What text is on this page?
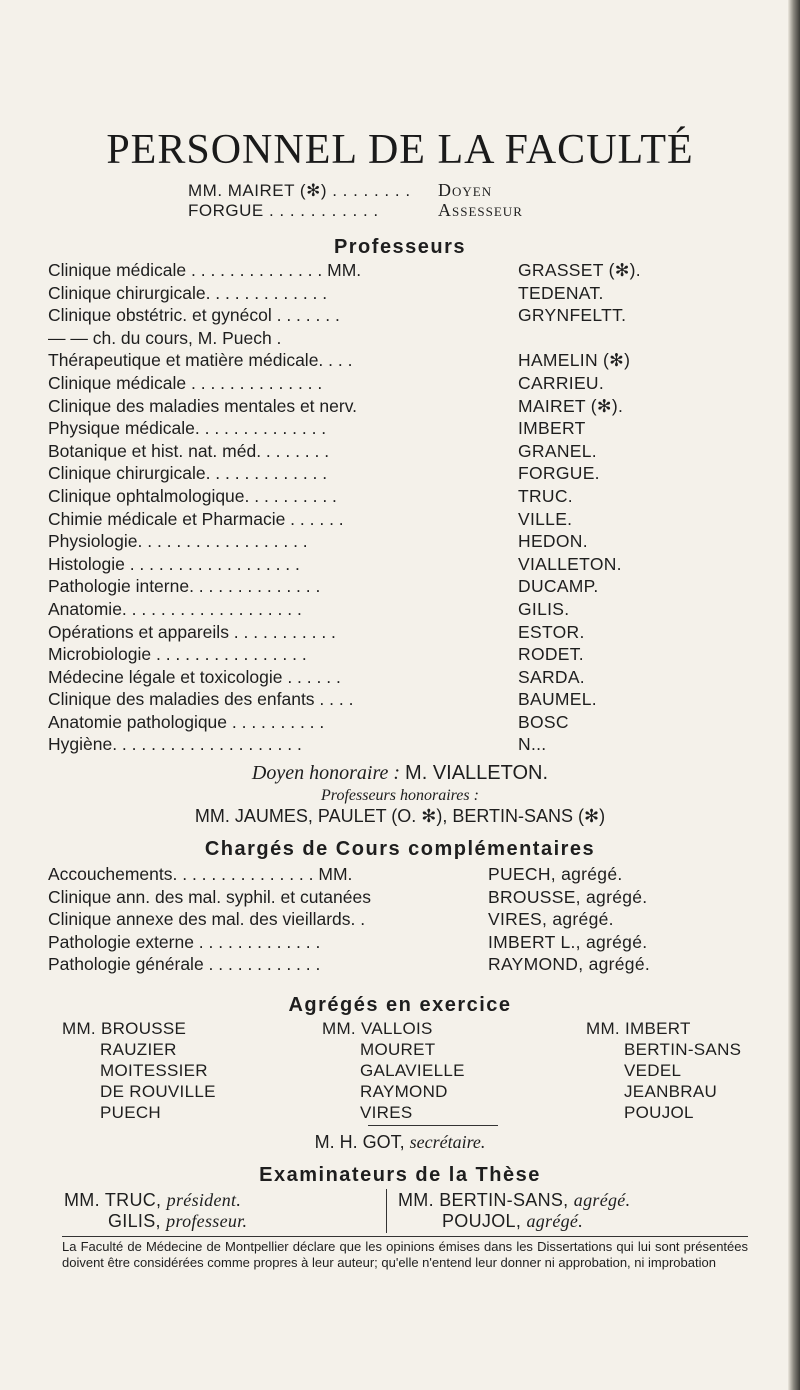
PERSONNEL DE LA FACULTÉ
MM. MAIRET (✻) . . . . . . . . Doyen
FORGUE . . . . . . . . . . .	Assesseur
Professeurs
Clinique médicale . . . . . . . . . . . . . . MM.	GRASSET (✻).
Clinique chirurgicale. . . . . . . . . . . . .	TEDENAT.
Clinique obstétric. et gynécol . . . . . . .	GRYNFELTT.
— — ch. du cours, M. Puech .
Thérapeutique et matière médicale. . . .	HAMELIN (✻)
Clinique médicale . . . . . . . . . . . . . .	CARRIEU.
Clinique des maladies mentales et nerv.	MAIRET (✻).
Physique médicale. . . . . . . . . . . . . .	IMBERT
Botanique et hist. nat. méd. . . . . . . .	GRANEL.
Clinique chirurgicale. . . . . . . . . . . . .	FORGUE.
Clinique ophtalmologique. . . . . . . . . .	TRUC.
Chimie médicale et Pharmacie . . . . . .	VILLE.
Physiologie. . . . . . . . . . . . . . . . . .	HEDON.
Histologie . . . . . . . . . . . . . . . . . .	VIALLETON.
Pathologie interne. . . . . . . . . . . . . .	DUCAMP.
Anatomie. . . . . . . . . . . . . . . . . . .	GILIS.
Opérations et appareils . . . . . . . . . . .	ESTOR.
Microbiologie . . . . . . . . . . . . . . . .	RODET.
Médecine légale et toxicologie . . . . . .	SARDA.
Clinique des maladies des enfants . . . .	BAUMEL.
Anatomie pathologique . . . . . . . . . .	BOSC
Hygiène. . . . . . . . . . . . . . . . . . . .	N...
Doyen honoraire : M. VIALLETON.
Professeurs honoraires :
MM. JAUMES, PAULET (O. ✻), BERTIN-SANS (✻)
Chargés de Cours complémentaires
Accouchements. . . . . . . . . . . . . . . MM.	PUECH, agrégé.
Clinique ann. des mal. syphil. et cutanées	BROUSSE, agrégé.
Clinique annexe des mal. des vieillards. .	VIRES, agrégé.
Pathologie externe . . . . . . . . . . . . .	IMBERT L., agrégé.
Pathologie générale . . . . . . . . . . . .	RAYMOND, agrégé.
Agrégés en exercice
MM. BROUSSE
RAUZIER
MOITESSIER
DE ROUVILLE
PUECH
MM. VALLOIS
MOURET
GALAVIELLE
RAYMOND
VIRES
MM. IMBERT
BERTIN-SANS
VEDEL
JEANBRAU
POUJOL
M. H. GOT, secrétaire.
Examinateurs de la Thèse
MM. TRUC, président.
GILIS, professeur.
MM. BERTIN-SANS, agrégé.
POUJOL, agrégé.
La Faculté de Médecine de Montpellier déclare que les opinions émises dans les Dissertations qui lui sont présentées doivent être considérées comme propres à leur auteur; qu'elle n'entend leur donner ni approbation, ni improbation
